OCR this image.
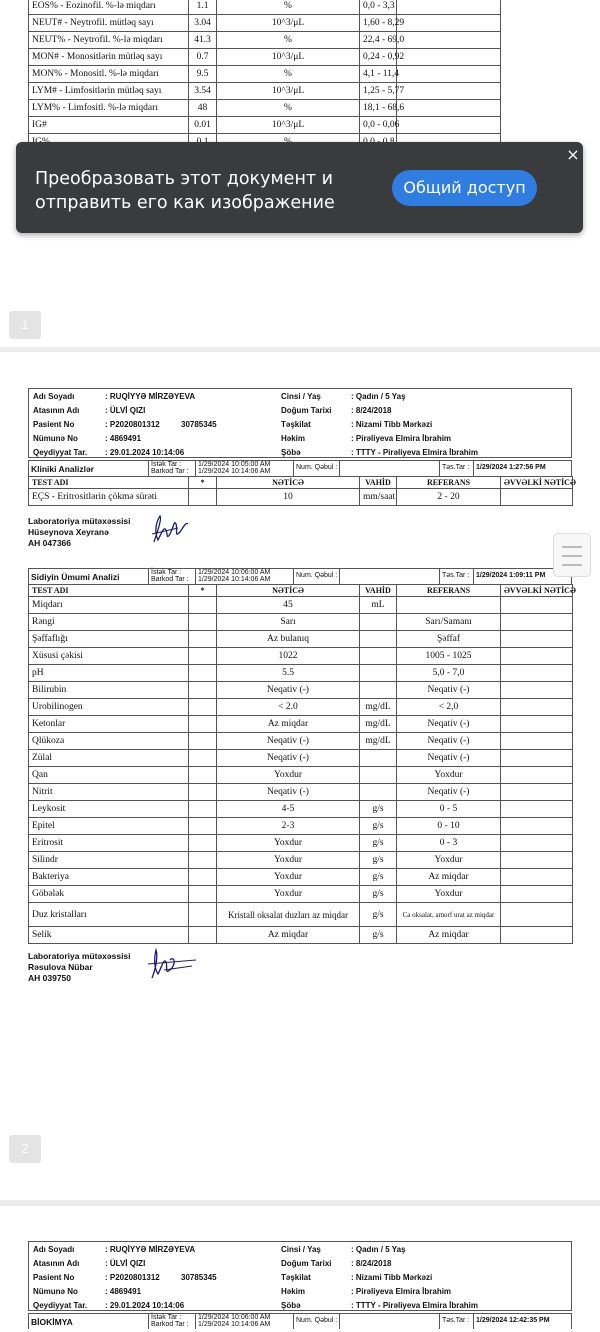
EOS% - Eozinofil. %-lə miqdarı	1.1	%	0,0 - 3,3	
NEUT# - Neytrofil. mütləq sayı	3.04	10^3/μL	1,60 - 8,29	
NEUT% - Neytrofil. %-lə miqdarı	41.3	%	22,4 - 69,0	
MON# - Monositlərin mütləq sayı	0.7	10^3/μL	0,24 - 0,92	
MON% - Monositl. %-lə miqdarı	9.5	%	4,1 - 11,4	
LYM# - Limfositlərin mütləq sayı	3.54	10^3/μL	1,25 - 5,77	
LYM% - Limfositl. %-lə miqdarı	48	%	18,1 - 68,6	
IG#	0.01	10^3/μL	0,0 - 0,06	

1
Преобразовать этот документ и отправить его как изображение
Общий доступ
×
Adı Soyadı	: RUQİYYƏ MİRZƏYEVA
Atasının Adı	: ÜLVİ QIZI
Pasient No	: P2020801312	30785345
Nümunə No	: 4869491
Qeydiyyat Tar. : 29.01.2024 10:14:06
Cinsi / Yaş	: Qadın / 5 Yaş
Doğum Tarixi : 8/24/2018
Təşkilat	: Nizami Tibb Mərkəzi
Həkim	: Pirəliyeva Elmira İbrahim
Şöbə	: TTTY - Pirəliyeva Elmira İbrahim
Kliniki Analizlər	İstək Tar :
Barkod Tar :
1/29/2024 10:05:00 AM
1/29/2024 10:14:06 AM	Num. Qəbul :	Təs.Tar : 1/29/2024 1:27:56 PM
TEST ADI	*	NƏTİCƏ	VAHİD	REFERANS	ƏVVƏLKİ NƏTİCƏ
EÇS - Eritrositlərin çökmə sürəti		10	mm/saat	2 - 20	
Laboratoriya mütəxəssisi
Hüseynova Xeyranə
AH 047366
Sidiyin Ümumi Analizi	İstək Tar :
Barkod Tar :
1/29/2024 10:06:00 AM
1/29/2024 10:14:06 AM	Num. Qəbul :	Təs.Tar : 1/29/2024 1:09:11 PM
TEST ADI	*	NƏTİCƏ	VAHİD	REFERANS	ƏVVƏLKİ NƏTİCƏ
Miqdarı		45	mL		
Rəngi		Sarı		Sarı/Samanı	
Şəffaflığı		Az bulanıq		Şəffaf	
Xüsusi çəkisi		1022		1005 - 1025	
pH		5.5		5,0 - 7,0	
Bilirubin		Neqativ (-)		Neqativ (-)	
Urobilinogen		< 2.0	mg/dL	< 2,0	
Ketonlar		Az miqdar	mg/dL	Neqativ (-)	
Qlükoza		Neqativ (-)	mg/dL	Neqativ (-)	
Zülal		Neqativ (-)		Neqativ (-)	
Qan		Yoxdur		Yoxdur	
Nitrit		Neqativ (-)		Neqativ (-)	
Leykosit		4-5	g/s	0 - 5	
Epitel		2-3	g/s	0 - 10	
Eritrosit		Yoxdur	g/s	0 - 3	
Silindr		Yoxdur	g/s	Yoxdur	
Bakteriya		Yoxdur	g/s	Az miqdar	
Göbələk		Yoxdur	g/s	Yoxdur	
Duz kristalları		Kristall oksalat duzları az miqdar	g/s	Ca oksalat, amorf urat az miqdar	
Selik		Az miqdar	g/s	Az miqdar	
Laboratoriya mütəxəssisi
Rəsulova Nübar
AH 039750
2
Adı Soyadı	: RUQİYYƏ MİRZƏYEVA
Atasının Adı	: ÜLVİ QIZI
Pasient No	: P2020801312	30785345
Nümunə No	: 4869491
Qeydiyyat Tar. : 29.01.2024 10:14:06
Cinsi / Yaş	: Qadın / 5 Yaş
Doğum Tarixi : 8/24/2018
Təşkilat	: Nizami Tibb Mərkəzi
Həkim	: Pirəliyeva Elmira İbrahim
Şöbə	: TTTY - Pirəliyeva Elmira İbrahim
BİOKİMYA	İstək Tar :
Barkod Tar :
1/29/2024 10:06:00 AM
1/29/2024 10:14:06 AM	Num. Qəbul :	Təs.Tar : 1/29/2024 12:42:35 PM
